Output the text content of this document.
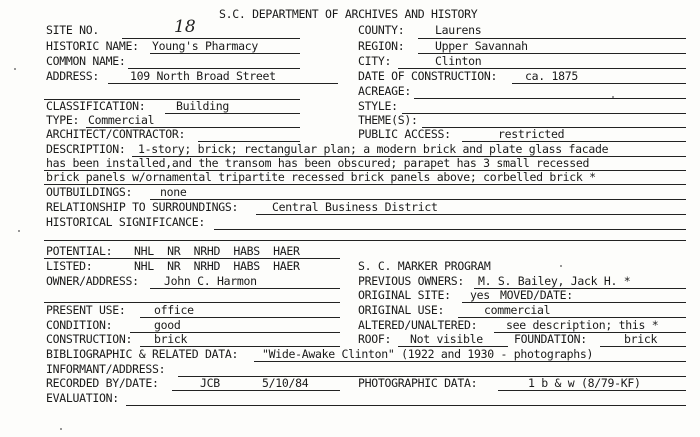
S.C. DEPARTMENT OF ARCHIVES AND HISTORY
SITE NO.	18	COUNTY:	Laurens
HISTORIC NAME: Young's Pharmacy	REGION:	Upper Savannah
COMMON NAME:	CITY:	Clinton
ADDRESS:	109 North Broad Street	DATE OF CONSTRUCTION: ca. 1875
ACREAGE:
CLASSIFICATION:	Building	STYLE:
TYPE: Commercial	THEME(S):
ARCHITECT/CONTRACTOR:	PUBLIC ACCESS:	restricted
DESCRIPTION: 1-story; brick; rectangular plan; a modern brick and plate glass facade
has been installed,and the transom has been obscured; parapet has 3 small recessed
brick panels w/ornamental tripartite recessed brick panels above; corbelled brick *
OUTBUILDINGS: none
RELATIONSHIP TO SURROUNDINGS:	Central Business District
HISTORICAL SIGNIFICANCE:
POTENTIAL: NHL  NR  NRHD  HABS  HAER
LISTED:	NHL  NR  NRHD  HABS  HAER	S. C. MARKER PROGRAM
OWNER/ADDRESS: John C. Harmon	PREVIOUS OWNERS: M. S. Bailey, Jack H. *
ORIGINAL SITE: yes MOVED/DATE:
PRESENT USE: office	ORIGINAL USE:	commercial
CONDITION:	good	ALTERED/UNALTERED:	see description; this *
CONSTRUCTION: brick	ROOF: Not visible	FOUNDATION:	brick
BIBLIOGRAPHIC & RELATED DATA: "Wide-Awake Clinton" (1922 and 1930 - photographs)
INFORMANT/ADDRESS:
RECORDED BY/DATE:	JCB	5/10/84	PHOTOGRAPHIC DATA:	1 b & w (8/79-KF)
EVALUATION:
